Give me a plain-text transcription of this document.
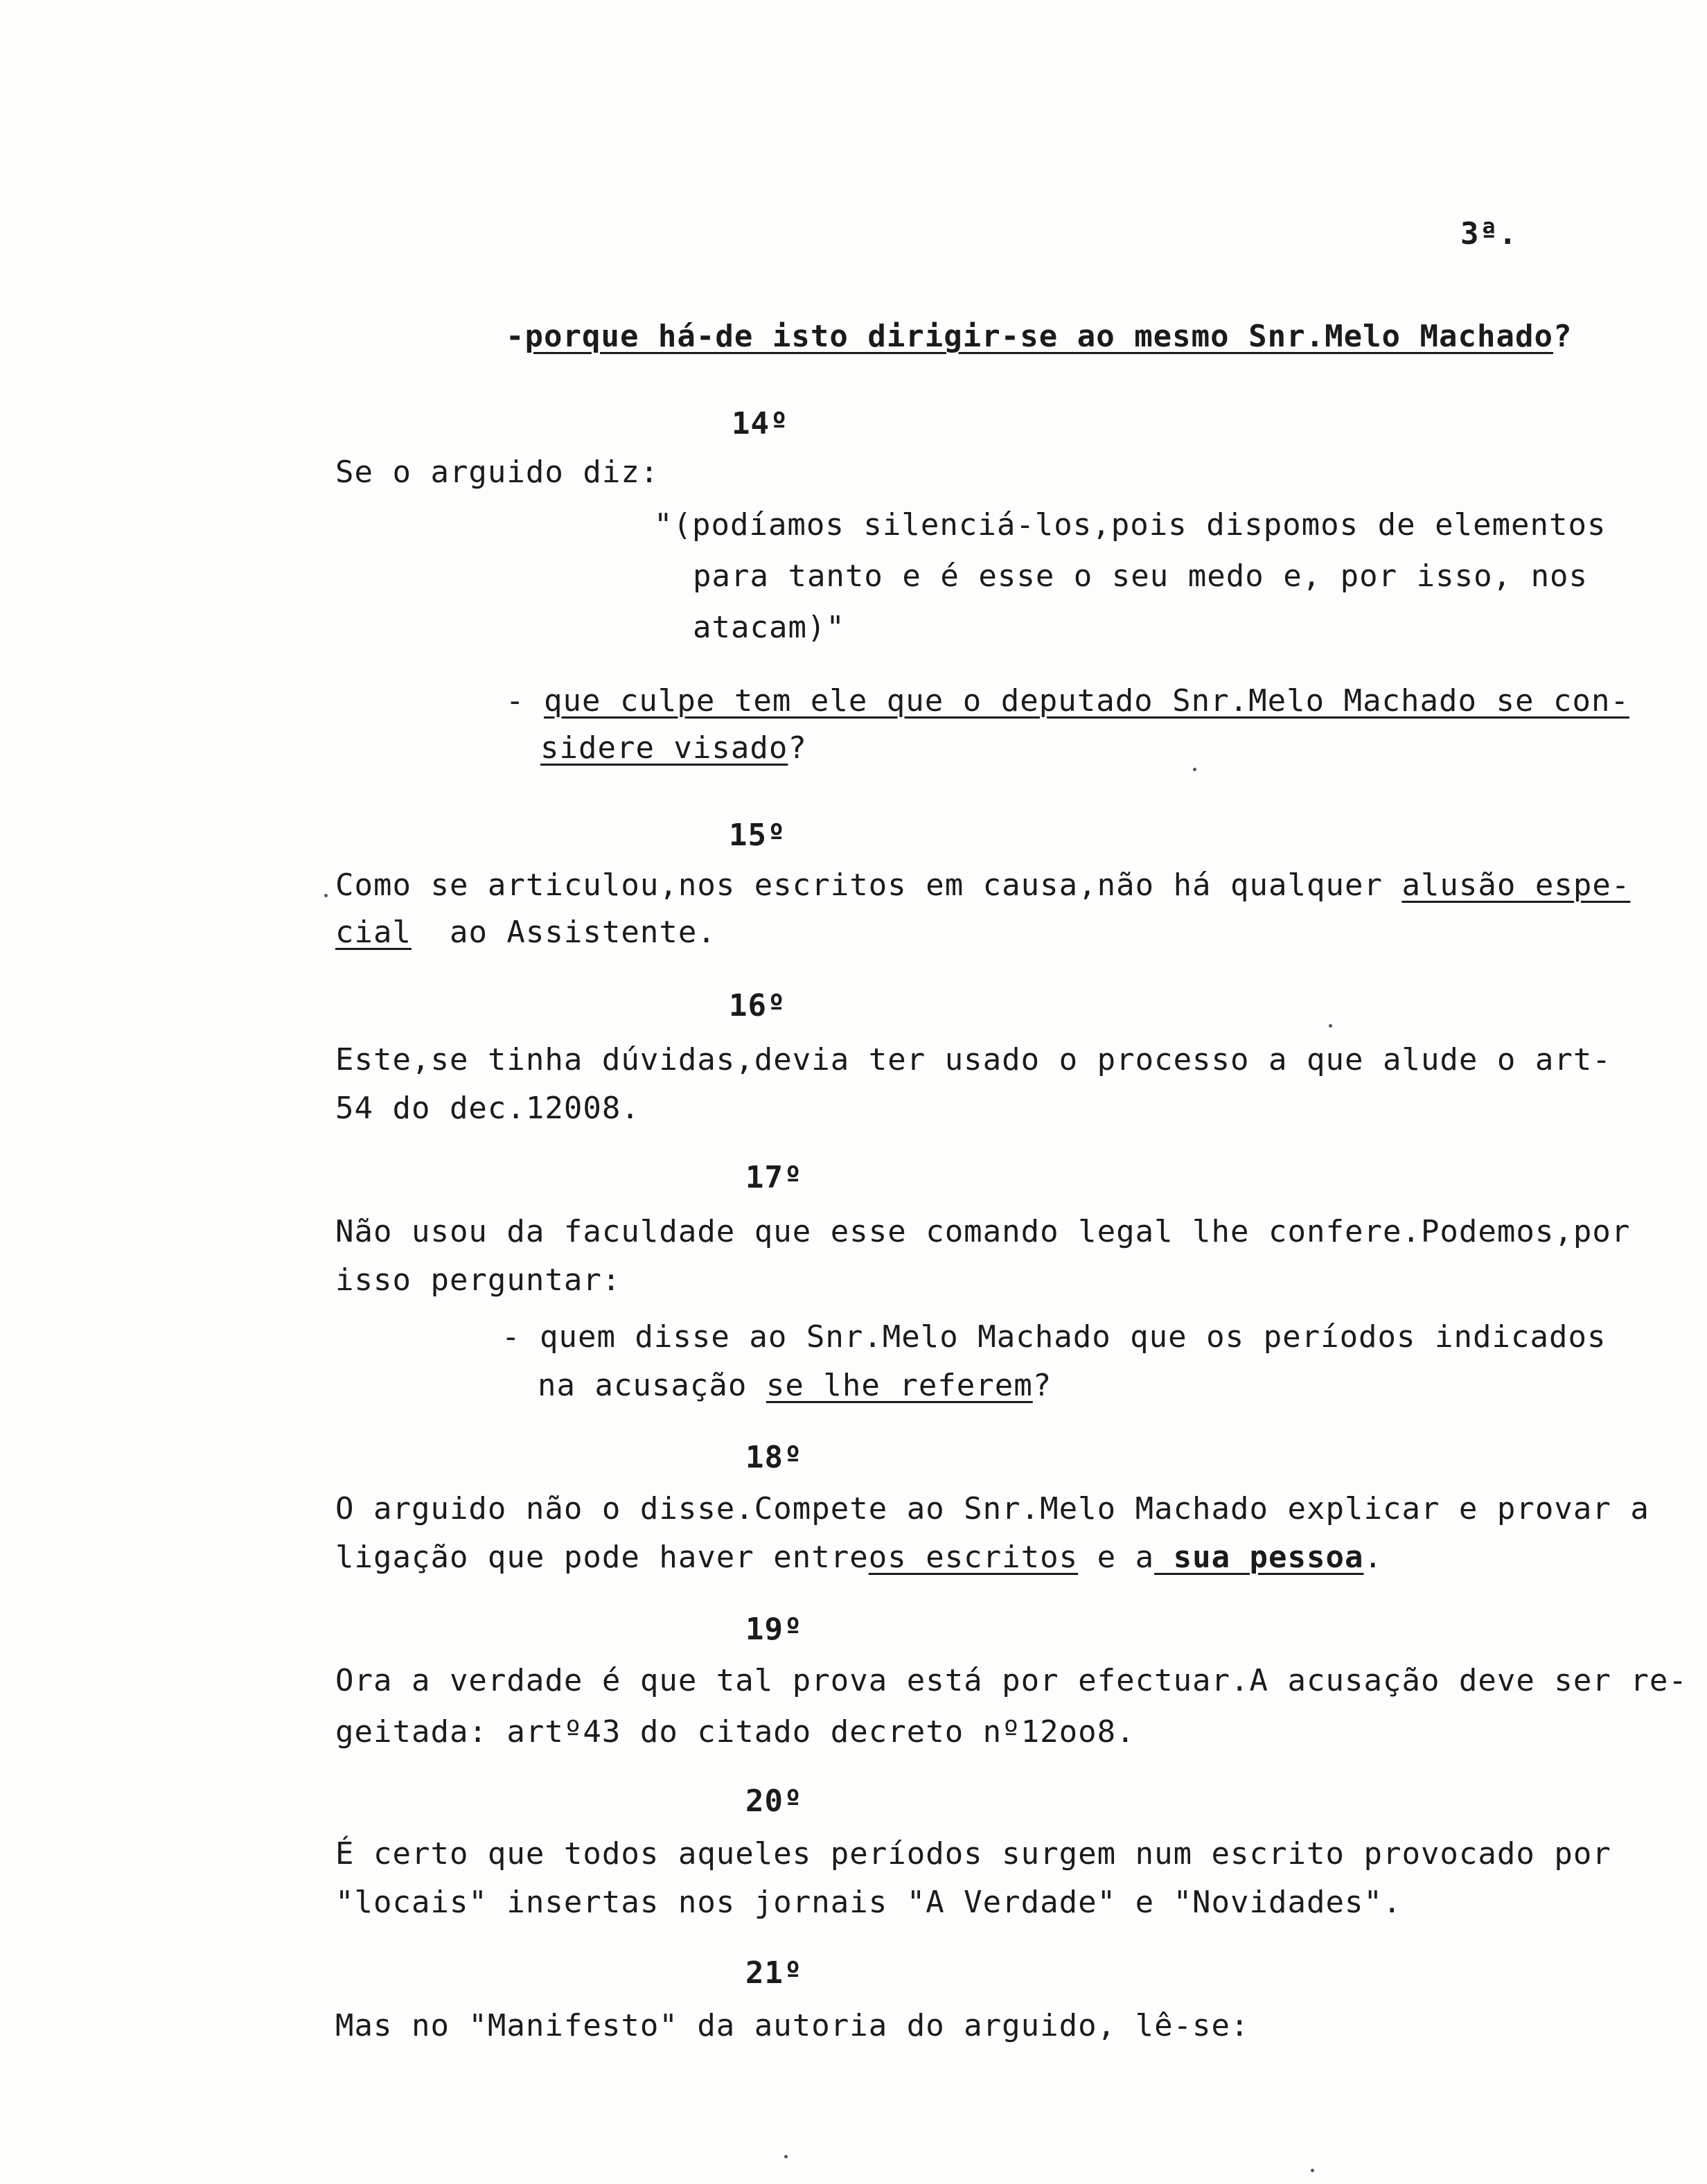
3ª.
-porque há-de isto dirigir-se ao mesmo Snr.Melo Machado?
14º
Se o arguido diz:
"(podíamos silenciá-los,pois dispomos de elementos
para tanto e é esse o seu medo e, por isso, nos
atacam)"
- que culpe tem ele que o deputado Snr.Melo Machado se con-
sidere visado?
15º
Como se articulou,nos escritos em causa,não há qualquer alusão espe-
cial  ao Assistente.
16º
Este,se tinha dúvidas,devia ter usado o processo a que alude o art-
54 do dec.12008.
17º
Não usou da faculdade que esse comando legal lhe confere.Podemos,por
isso perguntar:
- quem disse ao Snr.Melo Machado que os períodos indicados
na acusação se lhe referem?
18º
O arguido não o disse.Compete ao Snr.Melo Machado explicar e provar a
ligação que pode haver entreos escritos e a sua pessoa.
19º
Ora a verdade é que tal prova está por efectuar.A acusação deve ser re-
geitada: artº43 do citado decreto nº12oo8.
20º
É certo que todos aqueles períodos surgem num escrito provocado por
"locais" insertas nos jornais "A Verdade" e "Novidades".
21º
Mas no "Manifesto" da autoria do arguido, lê-se:
